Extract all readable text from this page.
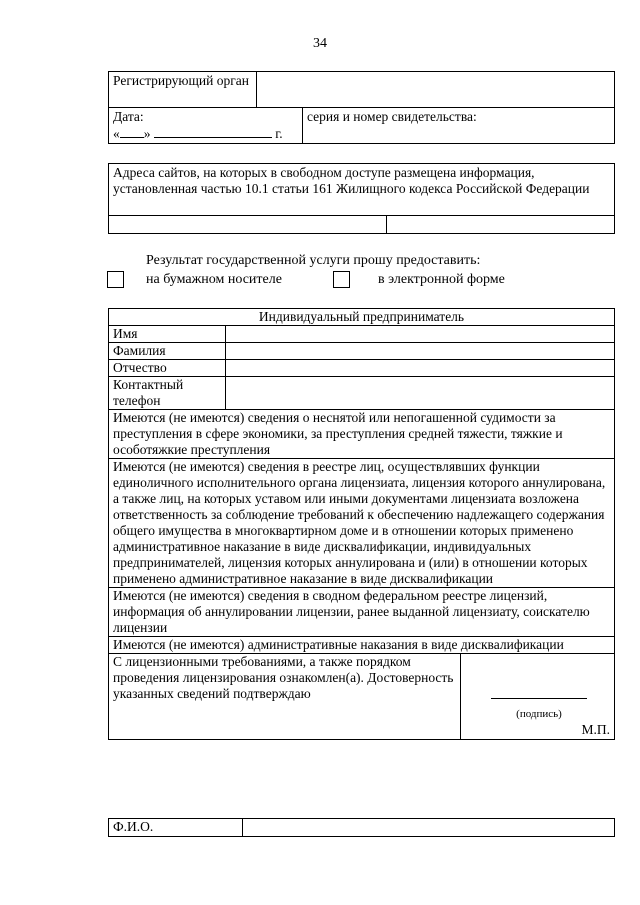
34
Регистрирующий орган		

Дата:
« » г.		серия и номер свидетельства:
Адреса сайтов, на которых в свободном доступе размещена информация, установленная частью 10.1 статьи 161 Жилищного кодекса Российской Федерации

Результат государственной услуги прошу предоставить:
на бумажном носителе	в электронной форме
Индивидуальный предприниматель		
Имя		
Фамилия		
Отчество		
Контактный телефон		
Имеются (не имеются) сведения о неснятой или непогашенной судимости за преступления в сфере экономики, за преступления средней тяжести, тяжкие и особотяжкие преступления		
Имеются (не имеются) сведения в реестре лиц, осуществлявших функции единоличного исполнительного органа лицензиата, лицензия которого аннулирована, а также лиц, на которых уставом или иными документами лицензиата возложена ответственность за соблюдение требований к обеспечению надлежащего содержания общего имущества в многоквартирном доме и в отношении которых применено административное наказание в виде дисквалификации, индивидуальных предпринимателей, лицензия которых аннулирована и (или) в отношении которых применено административное наказание в виде дисквалификации		
Имеются (не имеются) сведения в сводном федеральном реестре лицензий, информация об аннулировании лицензии, ранее выданной лицензиату, соискателю лицензии		
Имеются (не имеются) административные наказания в виде дисквалификации		
С лицензионными требованиями, а также порядком проведения лицензирования ознакомлен(а). Достоверность указанных сведений подтверждаю		(подпись)
М.П.
Ф.И.О.	
